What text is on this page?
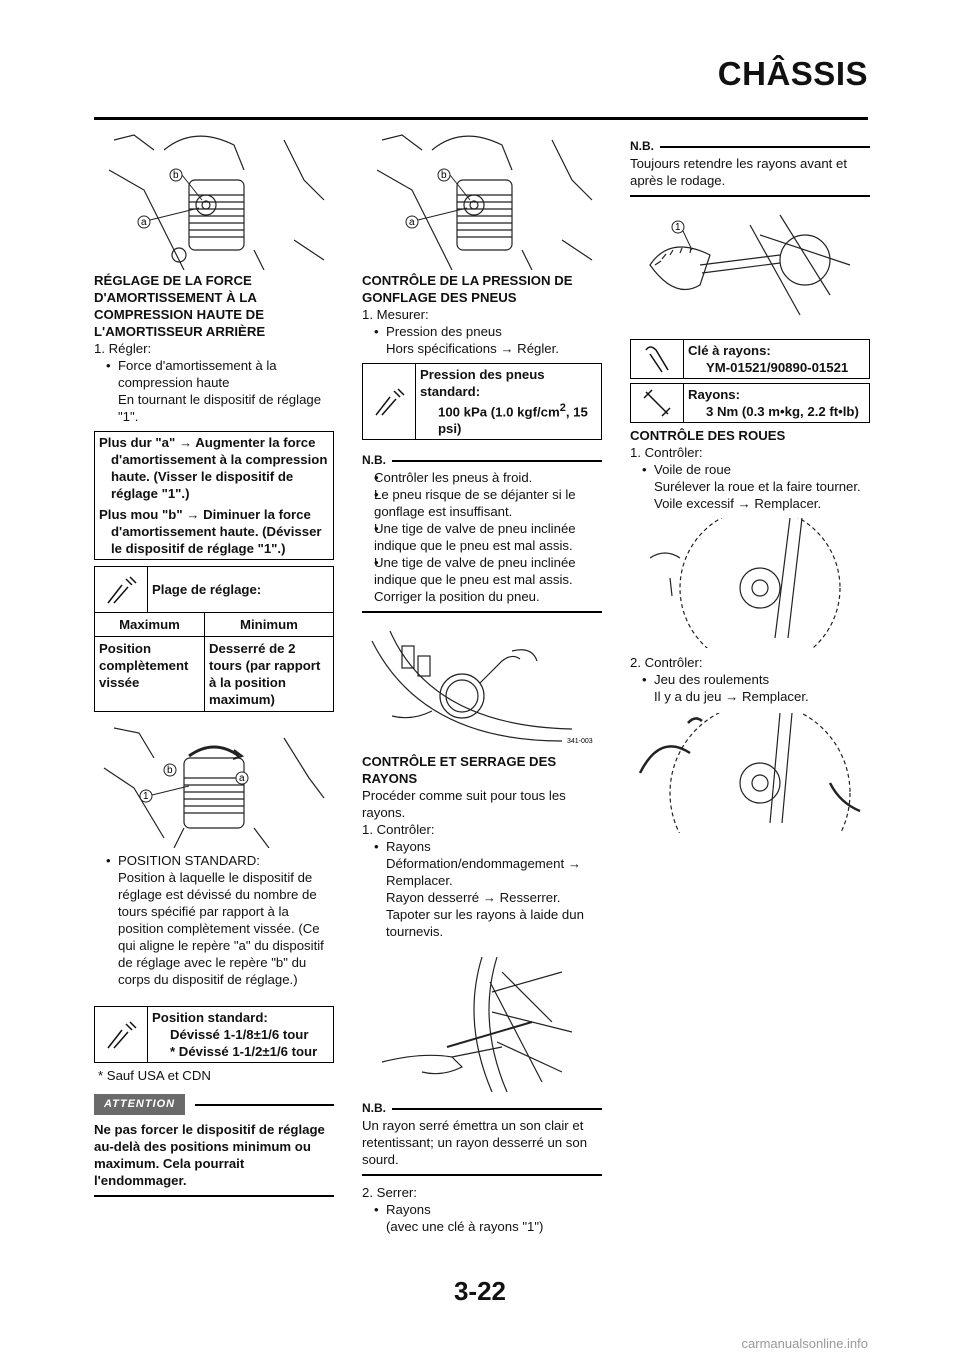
CHÂSSIS
b
a
RÉGLAGE DE LA FORCE D'AMORTISSEMENT À LA COMPRESSION HAUTE DE L'AMORTISSEUR ARRIÈRE
1. Régler:
• Force d'amortissement à la compression haute
En tournant le dispositif de réglage "1".
Plus dur "a" → Augmenter la force d'amortissement à la compression haute. (Visser le dispositif de réglage "1".)
Plus mou "b" → Diminuer la force d'amortissement haute. (Dévisser le dispositif de réglage "1".)
Plage de réglage:
Maximum	Minimum
Position complètement vissée	Desserré de 2 tours (par rapport à la position maximum)
b
a
1
• POSITION STANDARD:
Position à laquelle le dispositif de réglage est dévissé du nombre de tours spécifié par rapport à la position complètement vissée. (Ce qui aligne le repère "a" du dispositif de réglage avec le repère "b" du corps du dispositif de réglage.)
Position standard:
Dévissé 1-1/8±1/6 tour
* Dévissé 1-1/2±1/6 tour
* Sauf USA et CDN
ATTENTION
Ne pas forcer le dispositif de réglage au-delà des positions minimum ou maximum. Cela pourrait l'endommager.
b
a
CONTRÔLE DE LA PRESSION DE GONFLAGE DES PNEUS
1. Mesurer:
• Pression des pneus
Hors spécifications → Régler.
Pression des pneus standard:
100 kPa (1.0 kgf/$cm^2$, 15 psi)
N.B.
• Contrôler les pneus à froid.
• Le pneu risque de se déjanter si le gonflage est insuffisant.
• Une tige de valve de pneu inclinée indique que le pneu est mal assis.
• Une tige de valve de pneu inclinée indique que le pneu est mal assis. Corriger la position du pneu.
341-003
CONTRÔLE ET SERRAGE DES RAYONS
Procéder comme suit pour tous les rayons.
1. Contrôler:
• Rayons
Déformation/endommagement →
Remplacer.
Rayon desserré → Resserrer.
Tapoter sur les rayons à laide dun tournevis.
N.B.
Un rayon serré émettra un son clair et retentissant; un rayon desserré un son sourd.
2. Serrer:
• Rayons
(avec une clé à rayons "1")
N.B.
Toujours retendre les rayons avant et après le rodage.
1
Clé à rayons:
YM-01521/90890-01521
Rayons:
3 Nm (0.3 m•kg, 2.2 ft•lb)
CONTRÔLE DES ROUES
1. Contrôler:
• Voile de roue
Surélever la roue et la faire tourner.
Voile excessif → Remplacer.
2. Contrôler:
• Jeu des roulements
Il y a du jeu → Remplacer.
3-22
carmanualsonline.info
